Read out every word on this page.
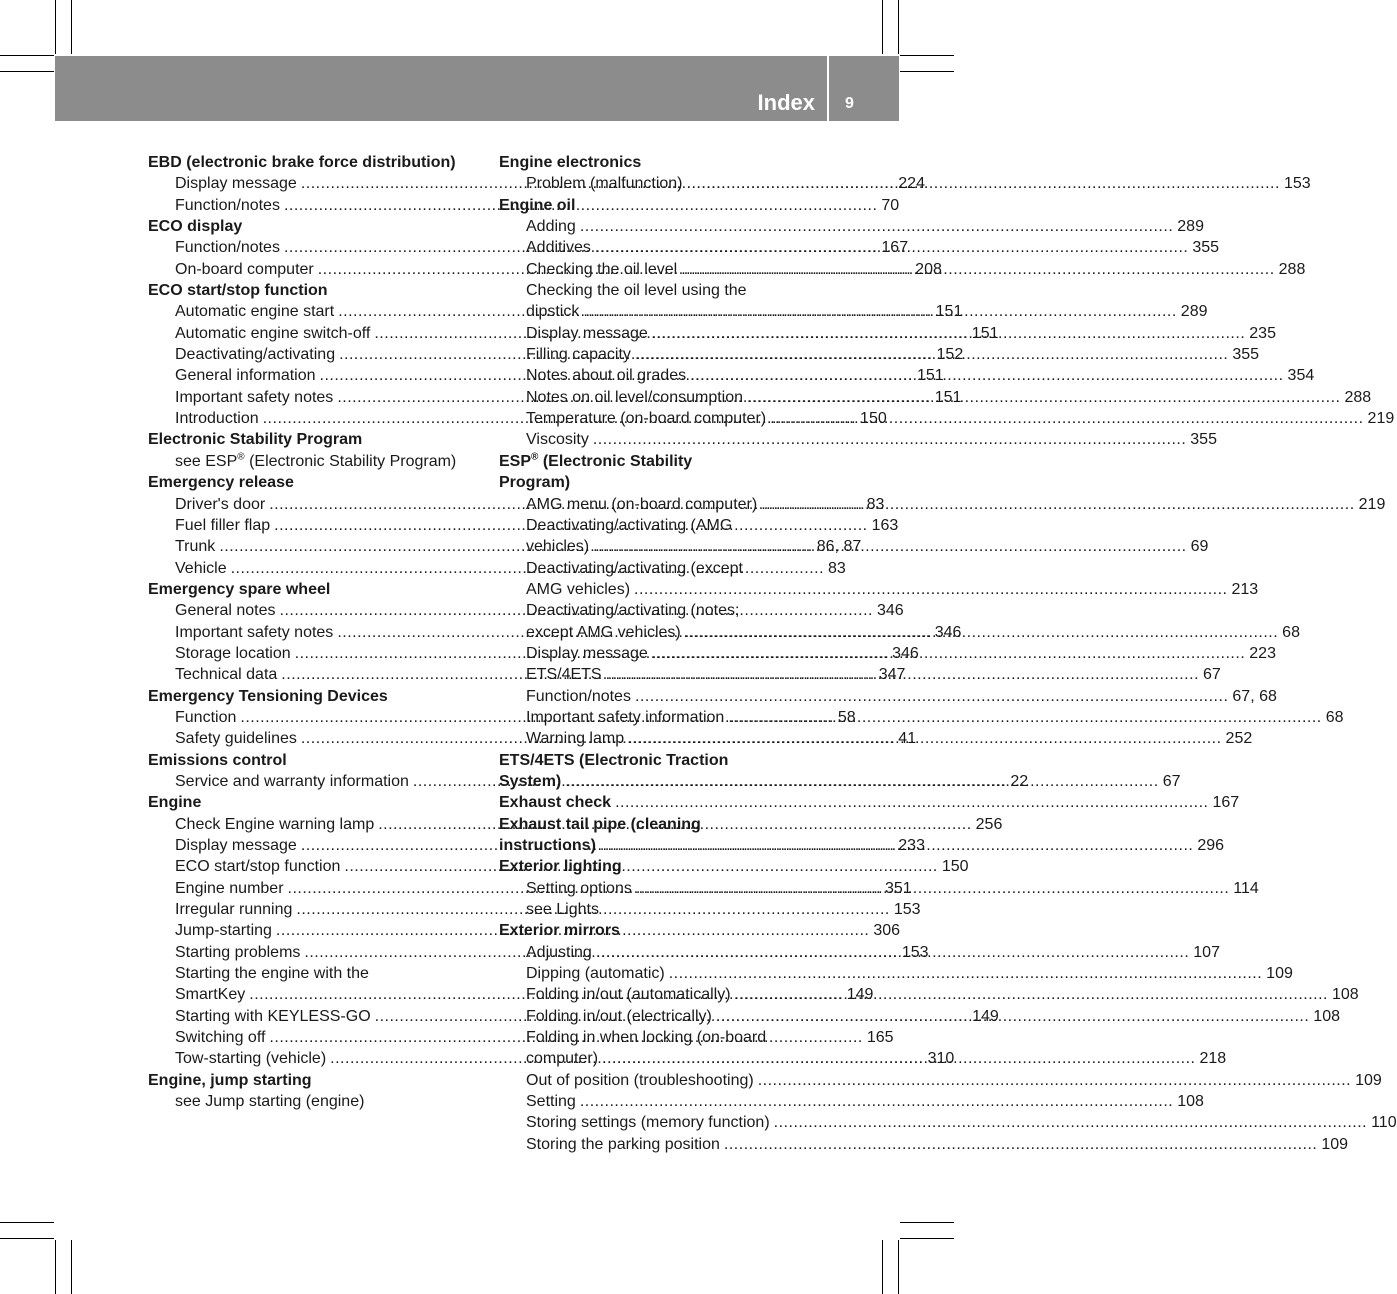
Index 9
EBD (electronic brake force distribution)
Display message .....	224
Function/notes .....	70
ECO display
Function/notes .....	167
On-board computer .....	208
ECO start/stop function
Automatic engine start .....	151
Automatic engine switch-off .....	151
Deactivating/activating .....	152
General information .....	151
Important safety notes .....	151
Introduction .....	150
Electronic Stability Program
see ESP® (Electronic Stability Program)
Emergency release
Driver's door .....	83
Fuel filler flap .....	163
Trunk .....	86, 87
Vehicle .....	83
Emergency spare wheel
General notes .....	346
Important safety notes .....	346
Storage location .....	346
Technical data .....	347
Emergency Tensioning Devices
Function .....	58
Safety guidelines .....	41
Emissions control
Service and warranty information .....	22
Engine
Check Engine warning lamp .....	256
Display message .....	233
ECO start/stop function .....	150
Engine number .....	351
Irregular running .....	153
Jump-starting .....	306
Starting problems .....	153
Starting the engine with the
SmartKey .....	149
Starting with KEYLESS-GO .....	149
Switching off .....	165
Tow-starting (vehicle) .....	310
Engine, jump starting
see Jump starting (engine)
Engine electronics
Problem (malfunction) .....	153
Engine oil
Adding .....	289
Additives .....	355
Checking the oil level .....	288
Checking the oil level using the
dipstick .....	289
Display message .....	235
Filling capacity .....	355
Notes about oil grades .....	354
Notes on oil level/consumption .....	288
Temperature (on-board computer) .....	219
Viscosity .....	355
ESP® (Electronic Stability
Program)
AMG menu (on-board computer) .....	219
Deactivating/activating (AMG
vehicles) .....	69
Deactivating/activating (except
AMG vehicles) .....	213
Deactivating/activating (notes;
except AMG vehicles) .....	68
Display message .....	223
ETS/4ETS .....	67
Function/notes .....	67, 68
Important safety information .....	68
Warning lamp .....	252
ETS/4ETS (Electronic Traction
System) .....	67
Exhaust check .....	167
Exhaust tail pipe (cleaning
instructions) .....	296
Exterior lighting
Setting options .....	114
see Lights
Exterior mirrors
Adjusting .....	107
Dipping (automatic) .....	109
Folding in/out (automatically) .....	108
Folding in/out (electrically) .....	108
Folding in when locking (on-board
computer) .....	218
Out of position (troubleshooting) .....	109
Setting .....	108
Storing settings (memory function) .....	110
Storing the parking position .....	109
